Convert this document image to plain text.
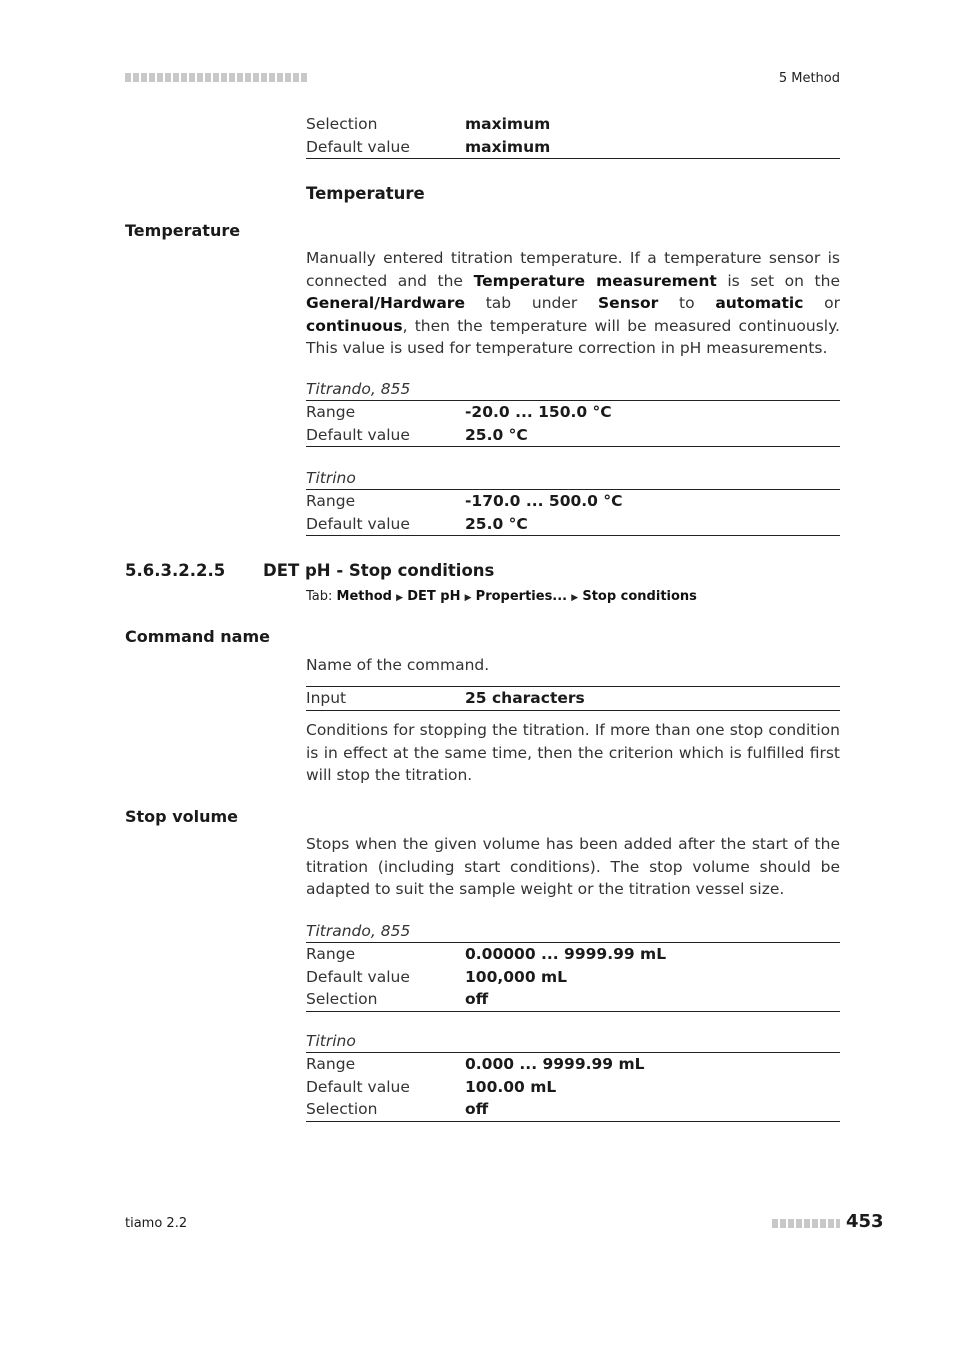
5 Method
Selection	maximum
Default value	maximum
Temperature
Temperature
Manually entered titration temperature. If a temperature sensor is connected and the Temperature measurement is set on the General/Hardware tab under Sensor to automatic or continuous, then the temperature will be measured continuously. This value is used for temperature correction in pH measurements.
Titrando, 855
Range	-20.0 ... 150.0 °C
Default value	25.0 °C
Titrino
Range	-170.0 ... 500.0 °C
Default value	25.0 °C
5.6.3.2.2.5 DET pH - Stop conditions
Tab: Method ▶ DET pH ▶ Properties... ▶ Stop conditions
Command name
Name of the command.
Input	25 characters
Conditions for stopping the titration. If more than one stop condition is in effect at the same time, then the criterion which is fulfilled first will stop the titration.
Stop volume
Stops when the given volume has been added after the start of the titration (including start conditions). The stop volume should be adapted to suit the sample weight or the titration vessel size.
Titrando, 855
Range	0.00000 ... 9999.99 mL
Default value	100,000 mL
Selection	off
Titrino
Range	0.000 ... 9999.99 mL
Default value	100.00 mL
Selection	off
tiamo 2.2	453
